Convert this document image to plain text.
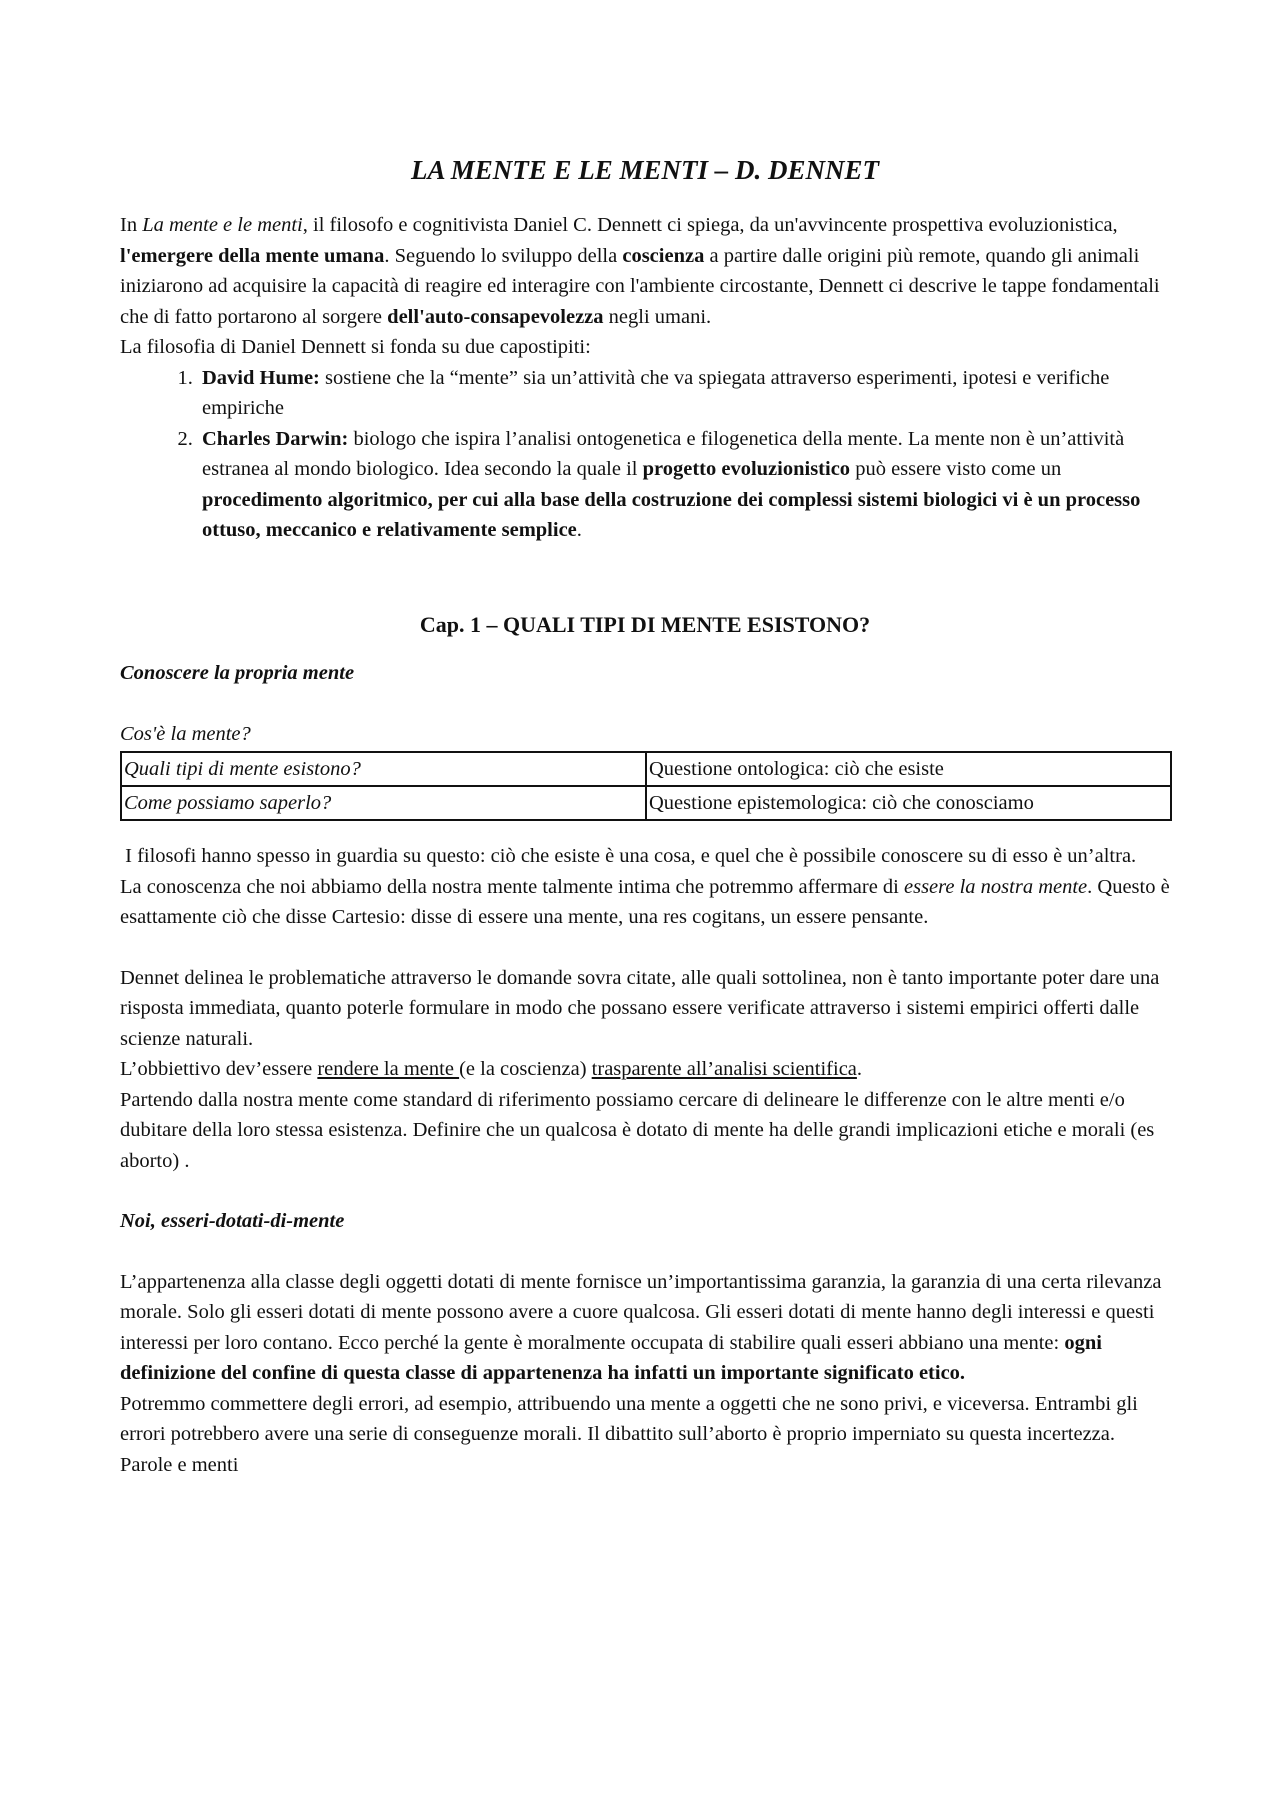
LA MENTE E LE MENTI – D. DENNET

In La mente e le menti, il filosofo e cognitivista Daniel C. Dennett ci spiega, da un'avvincente prospettiva evoluzionistica, l'emergere della mente umana. Seguendo lo sviluppo della coscienza a partire dalle origini più remote, quando gli animali iniziarono ad acquisire la capacità di reagire ed interagire con l'ambiente circostante, Dennett ci descrive le tappe fondamentali che di fatto portarono al sorgere dell'auto-consapevolezza negli umani.

La filosofia di Daniel Dennett si fonda su due capostipiti:

1. David Hume: sostiene che la “mente” sia un’attività che va spiegata attraverso esperimenti, ipotesi e verifiche empiriche
2. Charles Darwin: biologo che ispira l’analisi ontogenetica e filogenetica della mente. La mente non è un’attività estranea al mondo biologico. Idea secondo la quale il progetto evoluzionistico può essere visto come un procedimento algoritmico, per cui alla base della costruzione dei complessi sistemi biologici vi è un processo ottuso, meccanico e relativamente semplice.
Cap. 1 – QUALI TIPI DI MENTE ESISTONO?

Conoscere la propria mente

Cos'è la mente?

Quali tipi di mente esistono?	Questione ontologica: ciò che esiste
Come possiamo saperlo?	Questione epistemologica: ciò che conosciamo

I filosofi hanno spesso in guardia su questo: ciò che esiste è una cosa, e quel che è possibile conoscere su di esso è un’altra.

La conoscenza che noi abbiamo della nostra mente talmente intima che potremmo affermare di essere la nostra mente. Questo è esattamente ciò che disse Cartesio: disse di essere una mente, una res cogitans, un essere pensante.

Dennet delinea le problematiche attraverso le domande sovra citate, alle quali sottolinea, non è tanto importante poter dare una risposta immediata, quanto poterle formulare in modo che possano essere verificate attraverso i sistemi empirici offerti dalle scienze naturali.

L’obbiettivo dev’essere rendere la mente (e la coscienza) trasparente all’analisi scientifica.

Partendo dalla nostra mente come standard di riferimento possiamo cercare di delineare le differenze con le altre menti e/o dubitare della loro stessa esistenza. Definire che un qualcosa è dotato di mente ha delle grandi implicazioni etiche e morali (es aborto) .

Noi, esseri-dotati-di-mente

L’appartenenza alla classe degli oggetti dotati di mente fornisce un’importantissima garanzia, la garanzia di una certa rilevanza morale. Solo gli esseri dotati di mente possono avere a cuore qualcosa. Gli esseri dotati di mente hanno degli interessi e questi interessi per loro contano. Ecco perché la gente è moralmente occupata di stabilire quali esseri abbiano una mente: ogni definizione del confine di questa classe di appartenenza ha infatti un importante significato etico.

Potremmo commettere degli errori, ad esempio, attribuendo una mente a oggetti che ne sono privi, e viceversa. Entrambi gli errori potrebbero avere una serie di conseguenze morali. Il dibattito sull’aborto è proprio imperniato su questa incertezza.

Parole e menti
